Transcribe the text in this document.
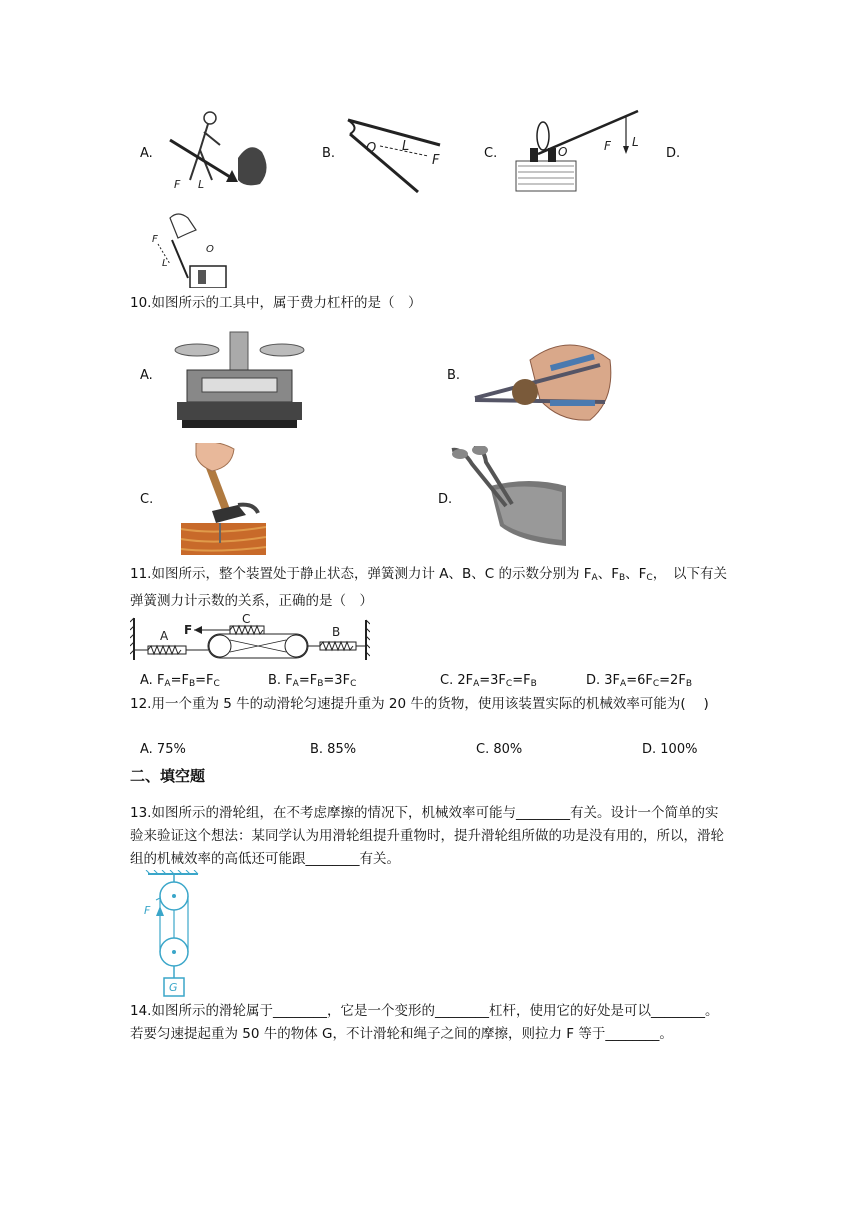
A.
F L
B. O L
F	C.	O	F L
D.
F
L
O
10.如图所示的工具中，属于费力杠杆的是（　）
A.	B.
C.	D.
11.如图所示，整个装置处于静止状态，弹簧测力计 A、B、C 的示数分别为 $F_A$、$F_B$、$F_C$，　以下有关弹簧测力计示数的关系，正确的是（　）
A F
C
B
A. $F_A=F_B=F_C$	B. $F_A=F_B=3F_C$	C. $2F_A=3F_C=F_B$	D. $3F_A=6F_C=2F_B$
12.用一个重为 5 牛的动滑轮匀速提升重为 20 牛的货物，使用该装置实际的机械效率可能为(　 )
A. 75%	B. 85%	C. 80%	D. 100%
二、填空题
13.如图所示的滑轮组，在不考虑摩擦的情况下，机械效率可能与________有关。设计一个简单的实验来验证这个想法：某同学认为用滑轮组提升重物时，提升滑轮组所做的功是没有用的，所以，滑轮组的机械效率的高低还可能跟________有关。
F
G
14.如图所示的滑轮属于________，它是一个变形的________杠杆，使用它的好处是可以________。若要匀速提起重为 50 牛的物体 G，不计滑轮和绳子之间的摩擦，则拉力 F 等于________。
